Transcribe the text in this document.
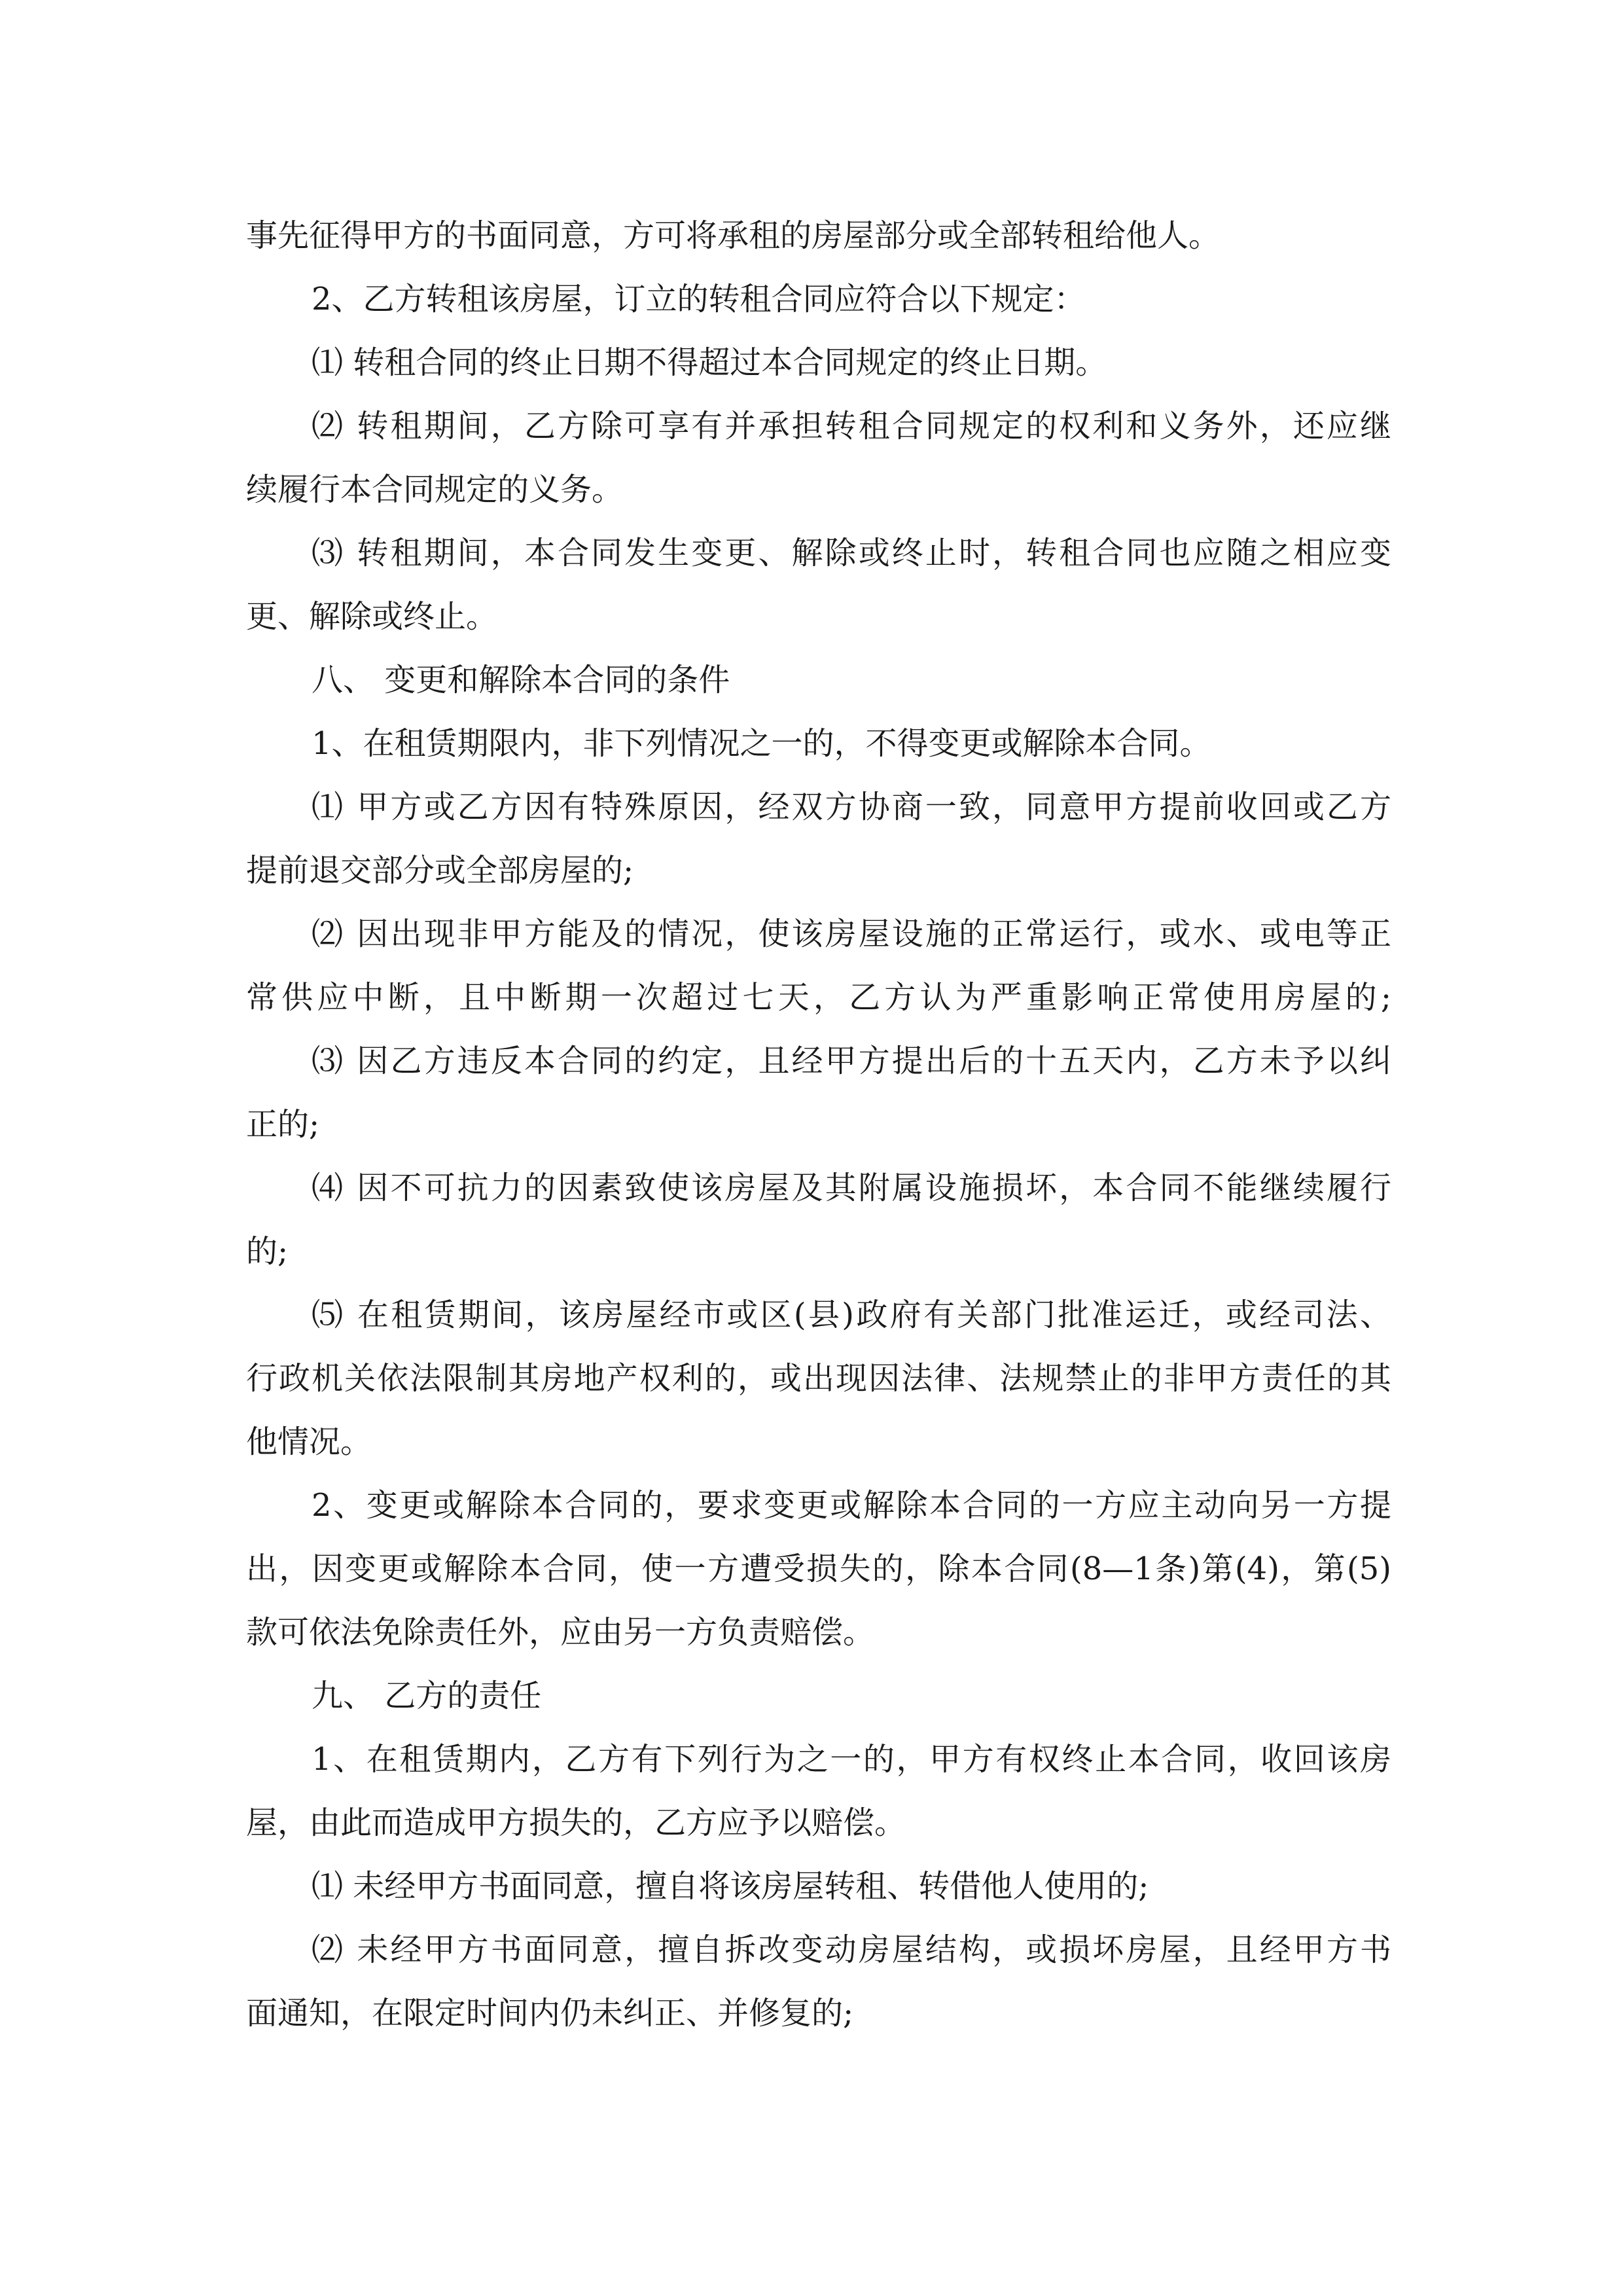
事先征得甲方的书面同意，方可将承租的房屋部分或全部转租给他人。
2、乙方转租该房屋，订立的转租合同应符合以下规定：
⑴ 转租合同的终止日期不得超过本合同规定的终止日期。
⑵ 转租期间，乙方除可享有并承担转租合同规定的权利和义务外，还应继
续履行本合同规定的义务。
⑶ 转租期间，本合同发生变更、解除或终止时，转租合同也应随之相应变
更、解除或终止。
八、 变更和解除本合同的条件
1、在租赁期限内，非下列情况之一的，不得变更或解除本合同。
⑴ 甲方或乙方因有特殊原因，经双方协商一致，同意甲方提前收回或乙方
提前退交部分或全部房屋的;
⑵ 因出现非甲方能及的情况，使该房屋设施的正常运行，或水、或电等正
常供应中断，且中断期一次超过七天，乙方认为严重影响正常使用房屋的;
⑶ 因乙方违反本合同的约定，且经甲方提出后的十五天内，乙方未予以纠
正的;
⑷ 因不可抗力的因素致使该房屋及其附属设施损坏，本合同不能继续履行
的;
⑸ 在租赁期间，该房屋经市或区(县)政府有关部门批准运迁，或经司法、
行政机关依法限制其房地产权利的，或出现因法律、法规禁止的非甲方责任的其
他情况。
2、变更或解除本合同的，要求变更或解除本合同的一方应主动向另一方提
出，因变更或解除本合同，使一方遭受损失的，除本合同(8—1条)第(4)，第(5)
款可依法免除责任外，应由另一方负责赔偿。
九、 乙方的责任
1、在租赁期内，乙方有下列行为之一的，甲方有权终止本合同，收回该房
屋，由此而造成甲方损失的，乙方应予以赔偿。
⑴ 未经甲方书面同意，擅自将该房屋转租、转借他人使用的;
⑵ 未经甲方书面同意，擅自拆改变动房屋结构，或损坏房屋，且经甲方书
面通知，在限定时间内仍未纠正、并修复的;
